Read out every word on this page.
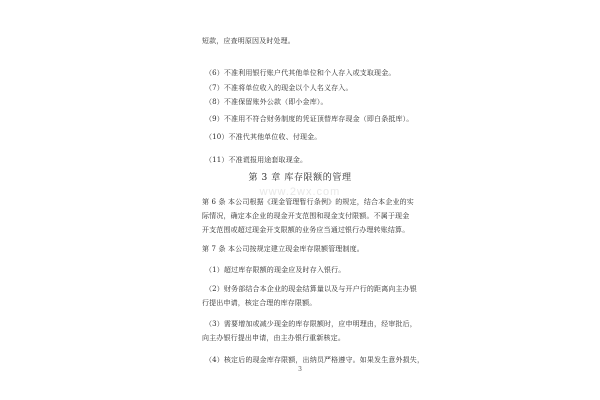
www.2wx.com
短款，应查明原因及时处理。
（6）不准利用银行账户代其他单位和个人存入或支取现金。
（7）不准将单位收入的现金以个人名义存入。
（8）不准保留账外公款（即小金库）。
（9）不准用不符合财务制度的凭证顶替库存现金（即白条抵库）。
（10）不准代其他单位收、付现金。
（11）不准谎报用途套取现金。
第 3 章 库存限额的管理
第 6 条 本公司根据《现金管理暂行条例》的规定，结合本企业的实
际情况，确定本企业的现金开支范围和现金支付限额。不属于现金
开支范围或超过现金开支限额的业务应当通过银行办理转账结算。
第 7 条 本公司按规定建立现金库存限额管理制度。
（1）超过库存限额的现金应及时存入银行。
（2）财务部结合本企业的现金结算量以及与开户行的距离向主办银
行提出申请，核定合理的库存限额。
（3）需要增加或减少现金的库存限额时，应申明理由，经审批后，
向主办银行提出申请，由主办银行重新核定。
（4）核定后的现金库存限额，出纳员严格遵守。如果发生意外损失，
3
